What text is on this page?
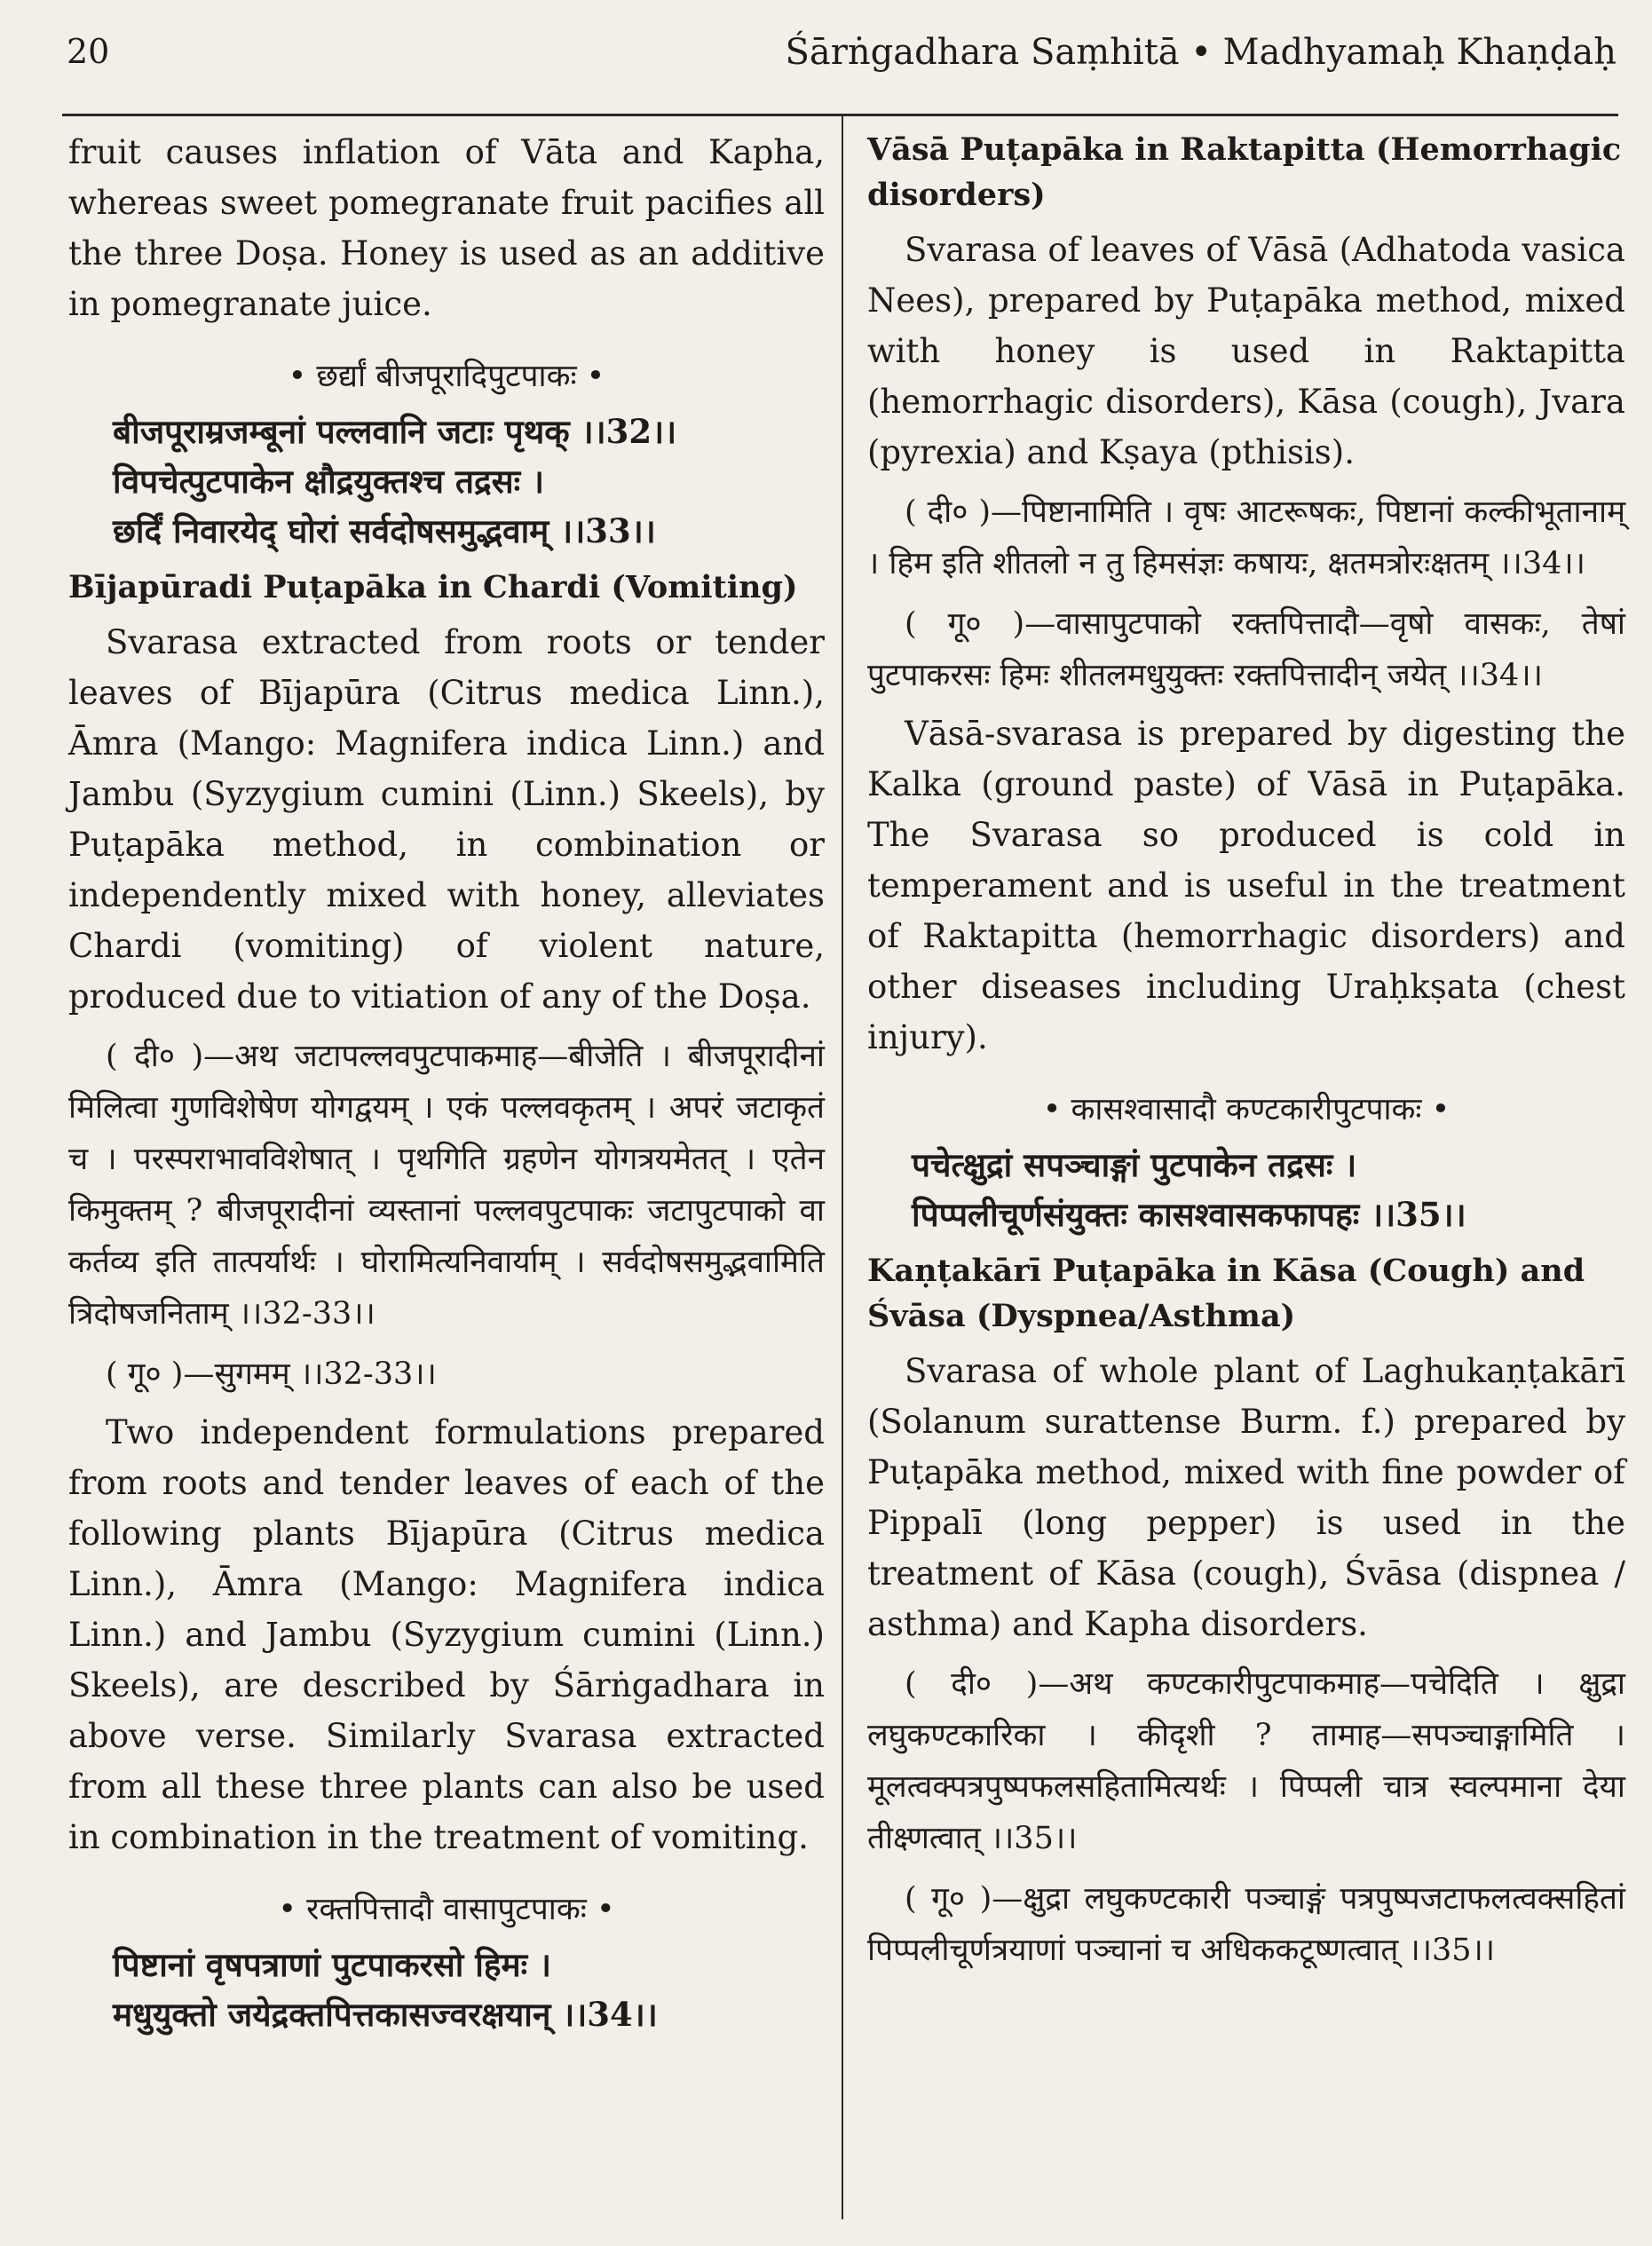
20	Śārṅgadhara Saṃhitā • Madhyamaḥ Khaṇḍaḥ

fruit causes inflation of Vāta and Kapha, whereas sweet pomegranate fruit pacifies all the three Doṣa. Honey is used as an additive in pomegranate juice.

• छर्द्यां बीजपूरादिपुटपाकः •

बीजपूराम्रजम्बूनां पल्लवानि जटाः पृथक् ।।32।।

विपचेत्पुटपाकेन क्षौद्रयुक्तश्च तद्रसः ।

छर्दिं निवारयेद् घोरां सर्वदोषसमुद्भवाम् ।।33।।

Bījapūradi Puṭapāka in Chardi (Vomiting)

Svarasa extracted from roots or tender leaves of Bījapūra (Citrus medica Linn.), Āmra (Mango: Magnifera indica Linn.) and Jambu (Syzygium cumini (Linn.) Skeels), by Puṭapāka method, in combination or independently mixed with honey, alleviates Chardi (vomiting) of violent nature, produced due to vitiation of any of the Doṣa.

( दी० )—अथ जटापल्लवपुटपाकमाह—बीजेति । बीजपूरादीनां मिलित्वा गुणविशेषेण योगद्वयम् । एकं पल्लवकृतम् । अपरं जटाकृतं च । परस्पराभावविशेषात् । पृथगिति ग्रहणेन योगत्रयमेतत् । एतेन किमुक्तम् ? बीजपूरादीनां व्यस्तानां पल्लवपुटपाकः जटापुटपाको वा कर्तव्य इति तात्पर्यार्थः । घोरामित्यनिवार्याम् । सर्वदोषसमुद्भवामिति त्रिदोषजनिताम् ।।32-33।।

( गू० )—सुगमम् ।।32-33।।

Two independent formulations prepared from roots and tender leaves of each of the following plants Bījapūra (Citrus medica Linn.), Āmra (Mango: Magnifera indica Linn.) and Jambu (Syzygium cumini (Linn.) Skeels), are described by Śārṅgadhara in above verse. Similarly Svarasa extracted from all these three plants can also be used in combination in the treatment of vomiting.

• रक्तपित्तादौ वासापुटपाकः •

पिष्टानां वृषपत्राणां पुटपाकरसो हिमः ।

मधुयुक्तो जयेद्रक्तपित्तकासज्वरक्षयान् ।।34।।

Vāsā Puṭapāka in Raktapitta (Hemorrhagic disorders)

Svarasa of leaves of Vāsā (Adhatoda vasica Nees), prepared by Puṭapāka method, mixed with honey is used in Raktapitta (hemorrhagic disorders), Kāsa (cough), Jvara (pyrexia) and Kṣaya (pthisis).

( दी० )—पिष्टानामिति । वृषः आटरूषकः, पिष्टानां कल्कीभूतानाम् । हिम इति शीतलो न तु हिमसंज्ञः कषायः, क्षतमत्रोरःक्षतम् ।।34।।

( गू० )—वासापुटपाको रक्तपित्तादौ—वृषो वासकः, तेषां पुटपाकरसः हिमः शीतलमधुयुक्तः रक्तपित्तादीन् जयेत् ।।34।।

Vāsā-svarasa is prepared by digesting the Kalka (ground paste) of Vāsā in Puṭapāka. The Svarasa so produced is cold in temperament and is useful in the treatment of Raktapitta (hemorrhagic disorders) and other diseases including Uraḥkṣata (chest injury).

• कासश्वासादौ कण्टकारीपुटपाकः •

पचेत्क्षुद्रां सपञ्चाङ्गां पुटपाकेन तद्रसः ।

पिप्पलीचूर्णसंयुक्तः कासश्वासकफापहः ।।35।।

Kaṇṭakārī Puṭapāka in Kāsa (Cough) and Śvāsa (Dyspnea/Asthma)

Svarasa of whole plant of Laghukaṇṭakārī (Solanum surattense Burm. f.) prepared by Puṭapāka method, mixed with fine powder of Pippalī (long pepper) is used in the treatment of Kāsa (cough), Śvāsa (dispnea / asthma) and Kapha disorders.

( दी० )—अथ कण्टकारीपुटपाकमाह—पचेदिति । क्षुद्रा लघुकण्टकारिका । कीदृशी ? तामाह—सपञ्चाङ्गामिति । मूलत्वक्पत्रपुष्पफलसहितामित्यर्थः । पिप्पली चात्र स्वल्पमाना देया तीक्ष्णत्वात् ।।35।।

( गू० )—क्षुद्रा लघुकण्टकारी पञ्चाङ्गं पत्रपुष्पजटाफलत्वक्सहितां पिप्पलीचूर्णत्रयाणां पञ्चानां च अधिककटूष्णत्वात् ।।35।।
